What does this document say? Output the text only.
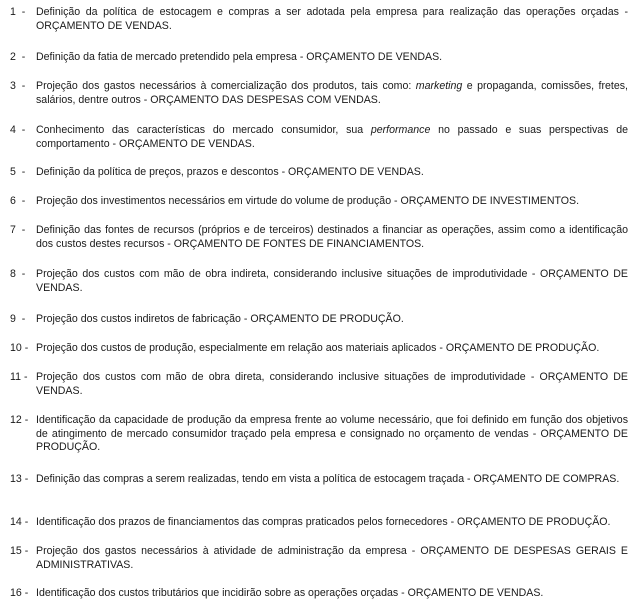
1 -	Definição da política de estocagem e compras a ser adotada pela empresa para realização das operações orçadas - ORÇAMENTO DE VENDAS.
2 -	Definição da fatia de mercado pretendido pela empresa - ORÇAMENTO DE VENDAS.
3 -	Projeção dos gastos necessários à comercialização dos produtos, tais como: marketing e propaganda, comissões, fretes, salários, dentre outros - ORÇAMENTO DAS DESPESAS COM VENDAS.
4 -	Conhecimento das características do mercado consumidor, sua performance no passado e suas perspectivas de comportamento - ORÇAMENTO DE VENDAS.
5 -	Definição da política de preços, prazos e descontos - ORÇAMENTO DE VENDAS.
6 -	Projeção dos investimentos necessários em virtude do volume de produção - ORÇAMENTO DE INVESTIMENTOS.
7 -	Definição das fontes de recursos (próprios e de terceiros) destinados a financiar as operações, assim como a identificação dos custos destes recursos - ORÇAMENTO DE FONTES DE FINANCIAMENTOS.
8 -	Projeção dos custos com mão de obra indireta, considerando inclusive situações de improdutividade - ORÇAMENTO DE VENDAS.
9 -	Projeção dos custos indiretos de fabricação - ORÇAMENTO DE PRODUÇÃO.
10 - Projeção dos custos de produção, especialmente em relação aos materiais aplicados - ORÇAMENTO DE PRODUÇÃO.
11 - Projeção dos custos com mão de obra direta, considerando inclusive situações de improdutividade - ORÇAMENTO DE VENDAS.
12 - Identificação da capacidade de produção da empresa frente ao volume necessário, que foi definido em função dos objetivos de atingimento de mercado consumidor traçado pela empresa e consignado no orçamento de vendas - ORÇAMENTO DE PRODUÇÃO.
13 - Definição das compras a serem realizadas, tendo em vista a política de estocagem traçada - ORÇAMENTO DE COMPRAS.
14 - Identificação dos prazos de financiamentos das compras praticados pelos fornecedores - ORÇAMENTO DE PRODUÇÃO.
15 - Projeção dos gastos necessários à atividade de administração da empresa - ORÇAMENTO DE DESPESAS GERAIS E ADMINISTRATIVAS.
16 - Identificação dos custos tributários que incidirão sobre as operações orçadas - ORÇAMENTO DE VENDAS.
